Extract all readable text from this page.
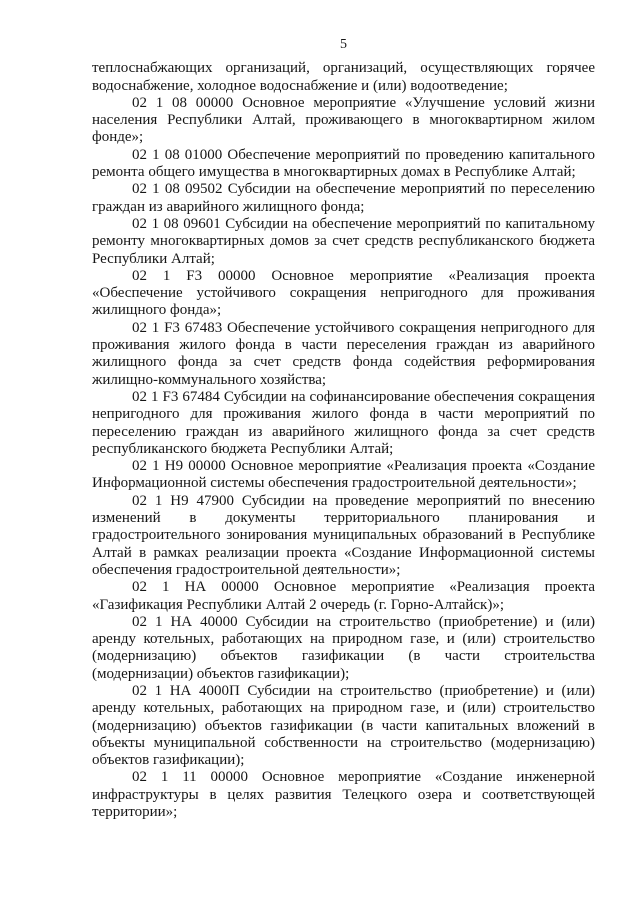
5

теплоснабжающих организаций, организаций, осуществляющих горячее водоснабжение, холодное водоснабжение и (или) водоотведение;

02 1 08 00000 Основное мероприятие «Улучшение условий жизни населения Республики Алтай, проживающего в многоквартирном жилом фонде»;

02 1 08 01000 Обеспечение мероприятий по проведению капитального ремонта общего имущества в многоквартирных домах в Республике Алтай;

02 1 08 09502 Субсидии на обеспечение мероприятий по переселению граждан из аварийного жилищного фонда;

02 1 08 09601 Субсидии на обеспечение мероприятий по капитальному ремонту многоквартирных домов за счет средств республиканского бюджета Республики Алтай;

02 1 F3 00000 Основное мероприятие «Реализация проекта «Обеспечение устойчивого сокращения непригодного для проживания жилищного фонда»;

02 1 F3 67483 Обеспечение устойчивого сокращения непригодного для проживания жилого фонда в части переселения граждан из аварийного жилищного фонда за счет средств фонда содействия реформирования жилищно-коммунального хозяйства;

02 1 F3 67484 Субсидии на софинансирование обеспечения сокращения непригодного для проживания жилого фонда в части мероприятий по переселению граждан из аварийного жилищного фонда за счет средств республиканского бюджета Республики Алтай;

02 1 Н9 00000 Основное мероприятие «Реализация проекта «Создание Информационной системы обеспечения градостроительной деятельности»;

02 1 Н9 47900 Субсидии на проведение мероприятий по внесению изменений в документы территориального планирования и градостроительного зонирования муниципальных образований в Республике Алтай в рамках реализации проекта «Создание Информационной системы обеспечения градостроительной деятельности»;

02 1 НА 00000 Основное мероприятие «Реализация проекта «Газификация Республики Алтай 2 очередь (г. Горно-Алтайск)»;

02 1 НА 40000 Субсидии на строительство (приобретение) и (или) аренду котельных, работающих на природном газе, и (или) строительство (модернизацию) объектов газификации (в части строительства (модернизации) объектов газификации);

02 1 НА 4000П Субсидии на строительство (приобретение) и (или) аренду котельных, работающих на природном газе, и (или) строительство (модернизацию) объектов газификации (в части капитальных вложений в объекты муниципальной собственности на строительство (модернизацию) объектов газификации);

02 1 11 00000 Основное мероприятие «Создание инженерной инфраструктуры в целях развития Телецкого озера и соответствующей территории»;
